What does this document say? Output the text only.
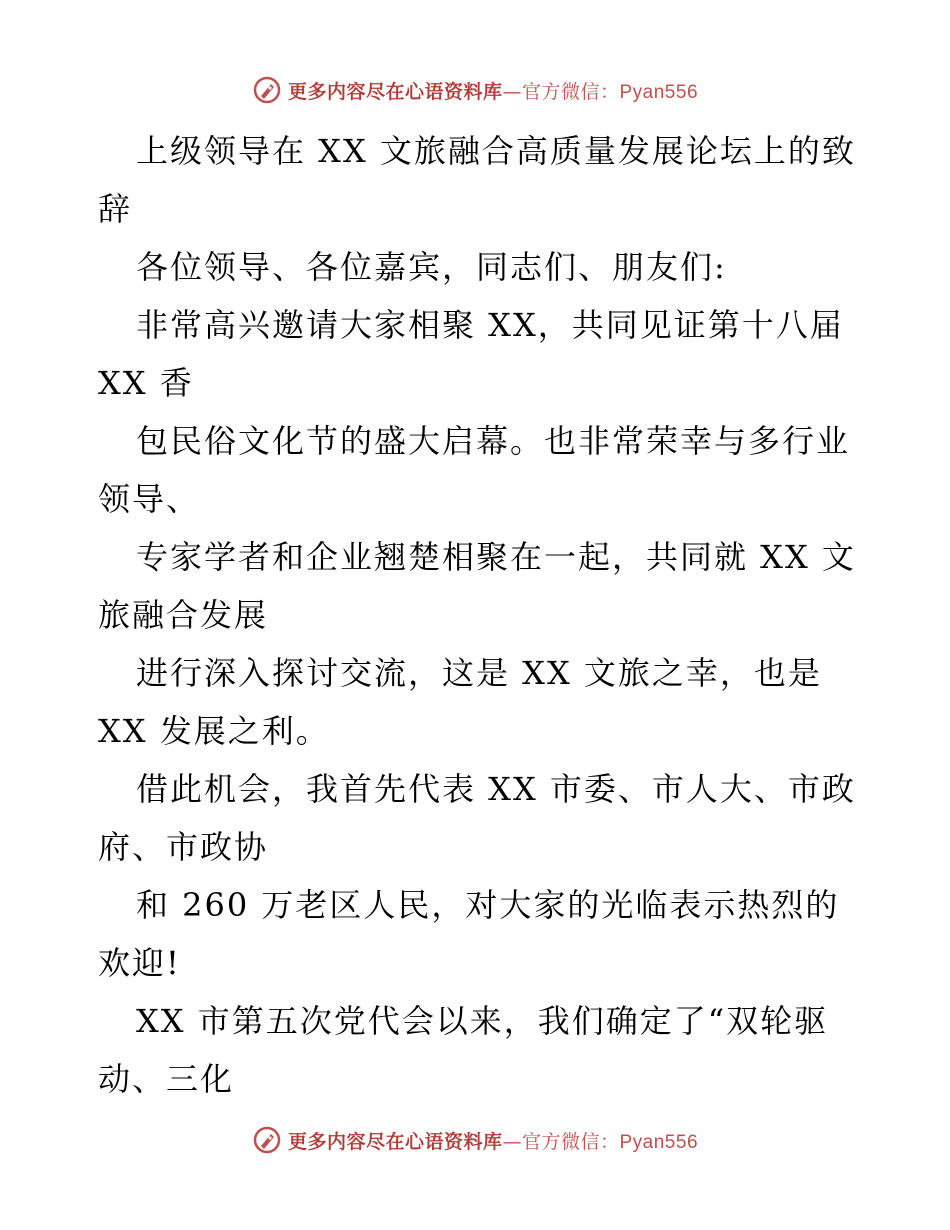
更多内容尽在心语资料库—官方微信：Pyan556
上级领导在 XX 文旅融合高质量发展论坛上的致
辞
各位领导、各位嘉宾，同志们、朋友们:
非常高兴邀请大家相聚 XX，共同见证第十八届
XX 香
包民俗文化节的盛大启幕。也非常荣幸与多行业
领导、
专家学者和企业翘楚相聚在一起，共同就 XX 文
旅融合发展
进行深入探讨交流，这是 XX 文旅之幸，也是
XX 发展之利。
借此机会，我首先代表 XX 市委、市人大、市政
府、市政协
和 260 万老区人民，对大家的光临表示热烈的
欢迎!
XX 市第五次党代会以来，我们确定了“双轮驱
动、三化
更多内容尽在心语资料库—官方微信：Pyan556
